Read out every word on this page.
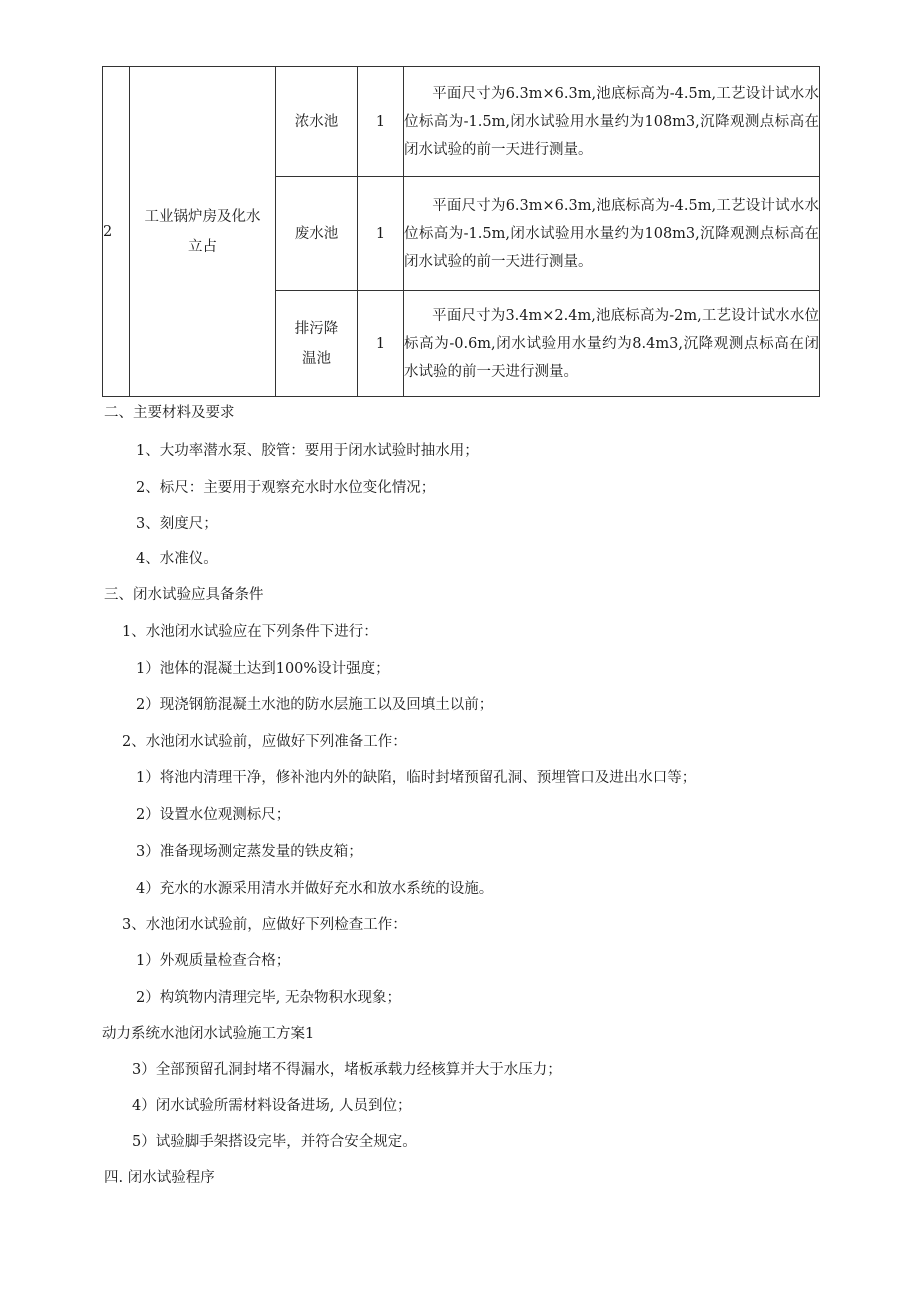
2	工业锅炉房及化水立占	浓水池	1	平面尺寸为6.3m×6.3m,池底标高为-4.5m,工艺设计试水水位标高为-1.5m,闭水试验用水量约为108m3,沉降观测点标高在闭水试验的前一天进行测量。
		废水池	1	平面尺寸为6.3m×6.3m,池底标高为-4.5m,工艺设计试水水位标高为-1.5m,闭水试验用水量约为108m3,沉降观测点标高在闭水试验的前一天进行测量。

		排污降温池	1	平面尺寸为3.4m×2.4m,池底标高为-2m,工艺设计试水水位标高为-0.6m,闭水试验用水量约为8.4m3,沉降观测点标高在闭水试验的前一天进行测量。
二、主要材料及要求
1、大功率潜水泵、胶管：要用于闭水试验时抽水用；
2、标尺：主要用于观察充水时水位变化情况；
3、刻度尺；
4、水准仪。
三、闭水试验应具备条件
1、水池闭水试验应在下列条件下进行：
1）池体的混凝土达到100%设计强度；
2）现浇钢筋混凝土水池的防水层施工以及回填土以前；
2、水池闭水试验前，应做好下列准备工作：
1）将池内清理干净，修补池内外的缺陷，临时封堵预留孔洞、预埋管口及进出水口等；
2）设置水位观测标尺；
3）准备现场测定蒸发量的铁皮箱；
4）充水的水源采用清水并做好充水和放水系统的设施。
3、水池闭水试验前，应做好下列检查工作：
1）外观质量检查合格；
2）构筑物内清理完毕, 无杂物积水现象；
动力系统水池闭水试验施工方案1
3）全部预留孔洞封堵不得漏水，堵板承载力经核算并大于水压力；
4）闭水试验所需材料设备进场, 人员到位；
5）试验脚手架搭设完毕，并符合安全规定。
四. 闭水试验程序
